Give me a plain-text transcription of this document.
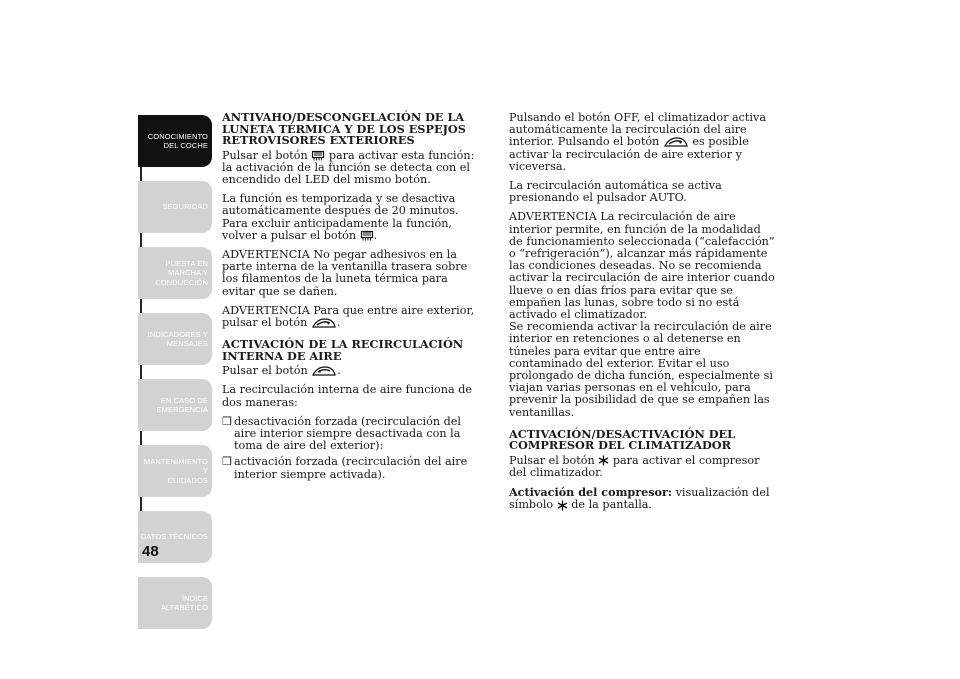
CONOCIMIENTO
DEL COCHE
SEGURIDAD
PUESTA EN
MARCHA Y
CONDUCCIÓN
INDICADORES Y
MENSAJES
EN CASO DE
EMERGENCIA
MANTENIMIENTO Y
CUIDADOS
DATOS TÉCNICOS
ÍNDICE
ALFABÉTICO
48
ANTIVAHO/DESCONGELACIÓN DE LA LUNETA TÉRMICA Y DE LOS ESPEJOS RETROVISORES EXTERIORES

Pulsar el botón para activar esta función: la activación de la función se detecta con el encendido del LED del mismo botón.

La función es temporizada y se desactiva automáticamente después de 20 minutos. Para excluir anticipadamente la función, volver a pulsar el botón .

ADVERTENCIA No pegar adhesivos en la parte interna de la ventanilla trasera sobre los filamentos de la luneta térmica para evitar que se dañen.

ADVERTENCIA Para que entre aire exterior, pulsar el botón	.

ACTIVACIÓN DE LA RECIRCULACIÓN INTERNA DE AIRE

Pulsar el botón	.

La recirculación interna de aire funciona de dos maneras:

❒ desactivación forzada (recirculación del aire interior siempre desactivada con la toma de aire del exterior):
❒ activación forzada (recirculación del aire interior siempre activada).

Pulsando el botón OFF, el climatizador activa automáticamente la recirculación del aire interior. Pulsando el botón	es posible activar la recirculación de aire exterior y viceversa.

La recirculación automática se activa presionando el pulsador AUTO.

ADVERTENCIA La recirculación de aire interior permite, en función de la modalidad de funcionamiento seleccionada (“calefacción” o “refrigeración”), alcanzar más rápidamente las condiciones deseadas. No se recomienda activar la recirculación de aire interior cuando llueve o en días fríos para evitar que se empañen las lunas, sobre todo si no está activado el climatizador.

Se recomienda activar la recirculación de aire interior en retenciones o al detenerse en túneles para evitar que entre aire contaminado del exterior. Evitar el uso prolongado de dicha función, especialmente si viajan varias personas en el vehículo, para prevenir la posibilidad de que se empañen las ventanillas.

ACTIVACIÓN/DESACTIVACIÓN DEL COMPRESOR DEL CLIMATIZADOR

Pulsar el botón para activar el compresor del climatizador.

Activación del compresor: visualización del símbolo de la pantalla.
